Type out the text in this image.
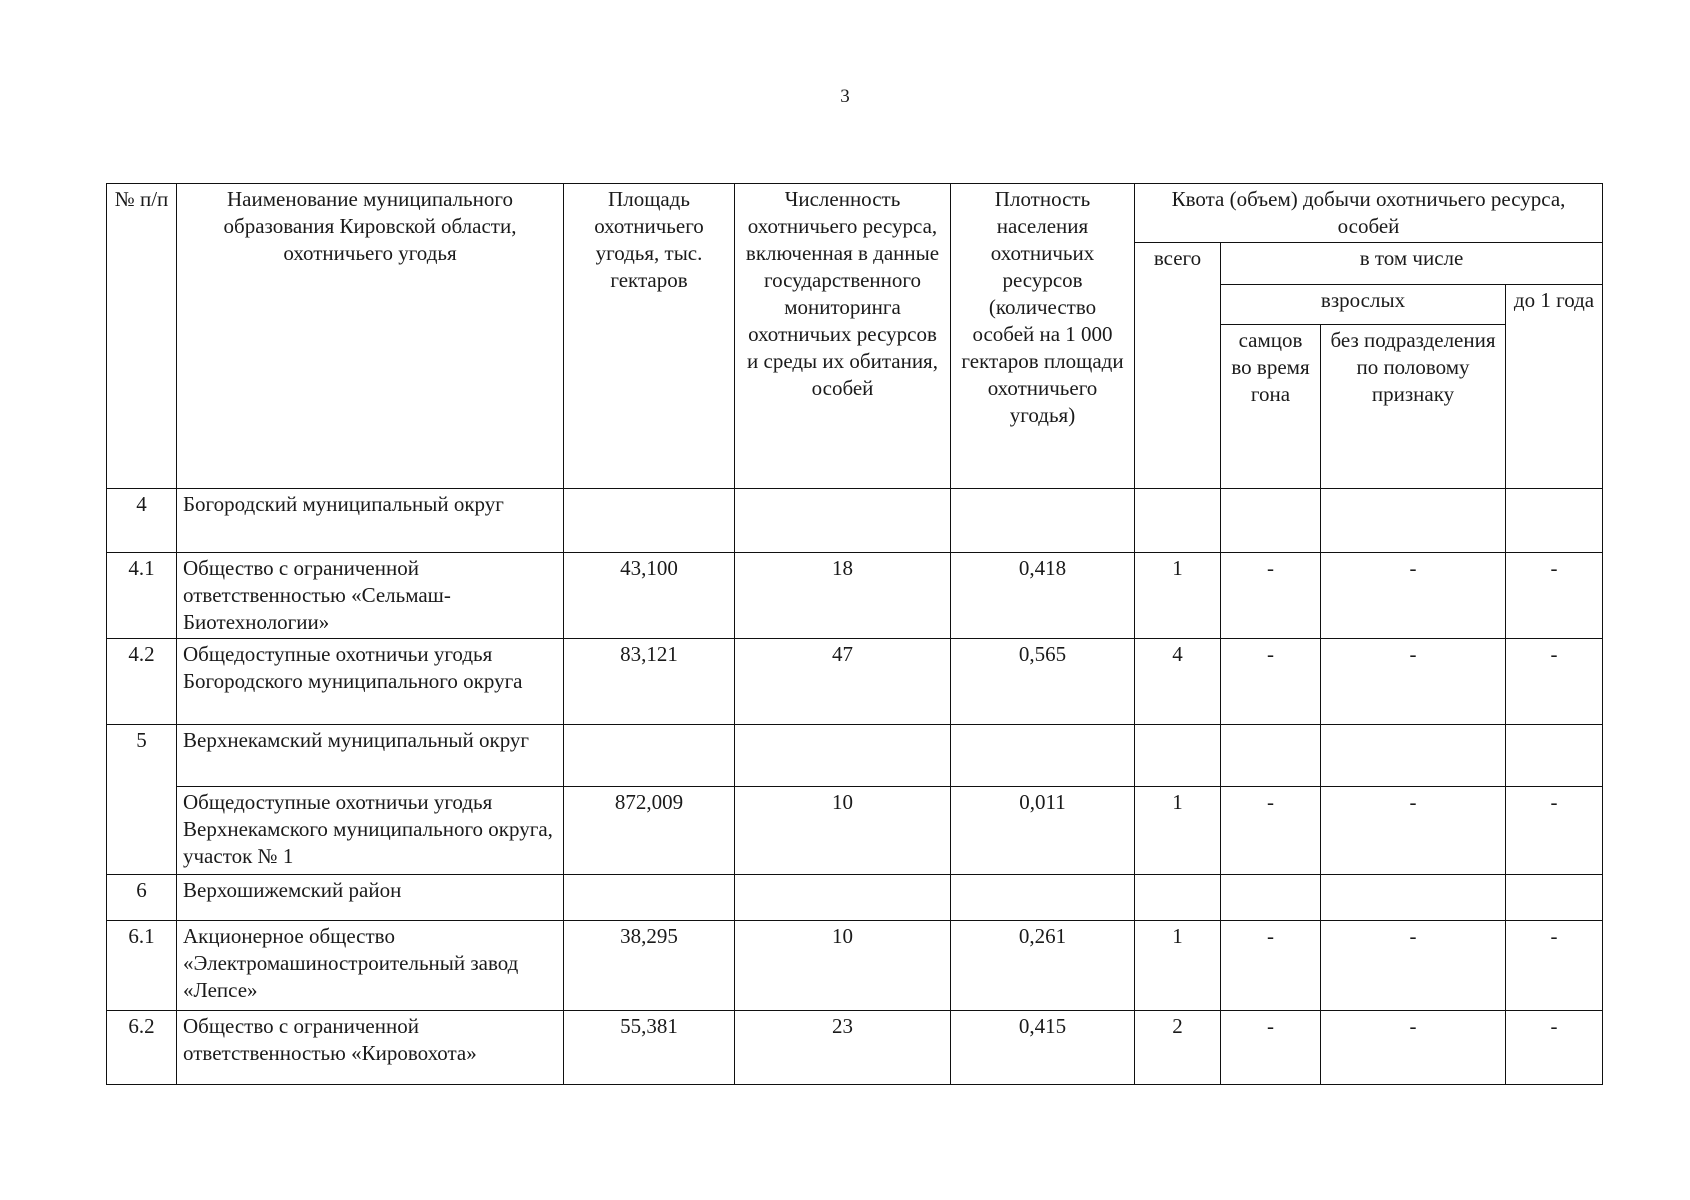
3
№ п/п	Наименование муниципального образования Кировской области, охотничьего угодья	Площадь охотничьего угодья, тыс. гектаров	Численность охотничьего ресурса, включенная в данные государственного мониторинга охотничьих ресурсов и среды их обитания, особей	Плотность населения охотничьих ресурсов (количество особей на 1 000 гектаров площади охотничьего угодья)	Квота (объем) добычи охотничьего ресурса, особей			
					всего	в том числе		
						взрослых		до 1 года
						самцов во время гона	без подразделения по половому признаку	
4	Богородский муниципальный округ							
4.1	Общество с ограниченной ответственностью «Сельмаш-Биотехнологии»	43,100	18	0,418	1	-	-	-
4.2	Общедоступные охотничьи угодья Богородского муниципального округа	83,121	47	0,565	4	-	-	-
5	Верхнекамский муниципальный округ							
	Общедоступные охотничьи угодья Верхнекамского муниципального округа, участок № 1	872,009	10	0,011	1	-	-	-
6	Верхошижемский район							
6.1	Акционерное общество «Электромашиностроительный завод «Лепсе»	38,295	10	0,261	1	-	-	-
6.2	Общество с ограниченной ответственностью «Кировохота»	55,381	23	0,415	2	-	-	-
